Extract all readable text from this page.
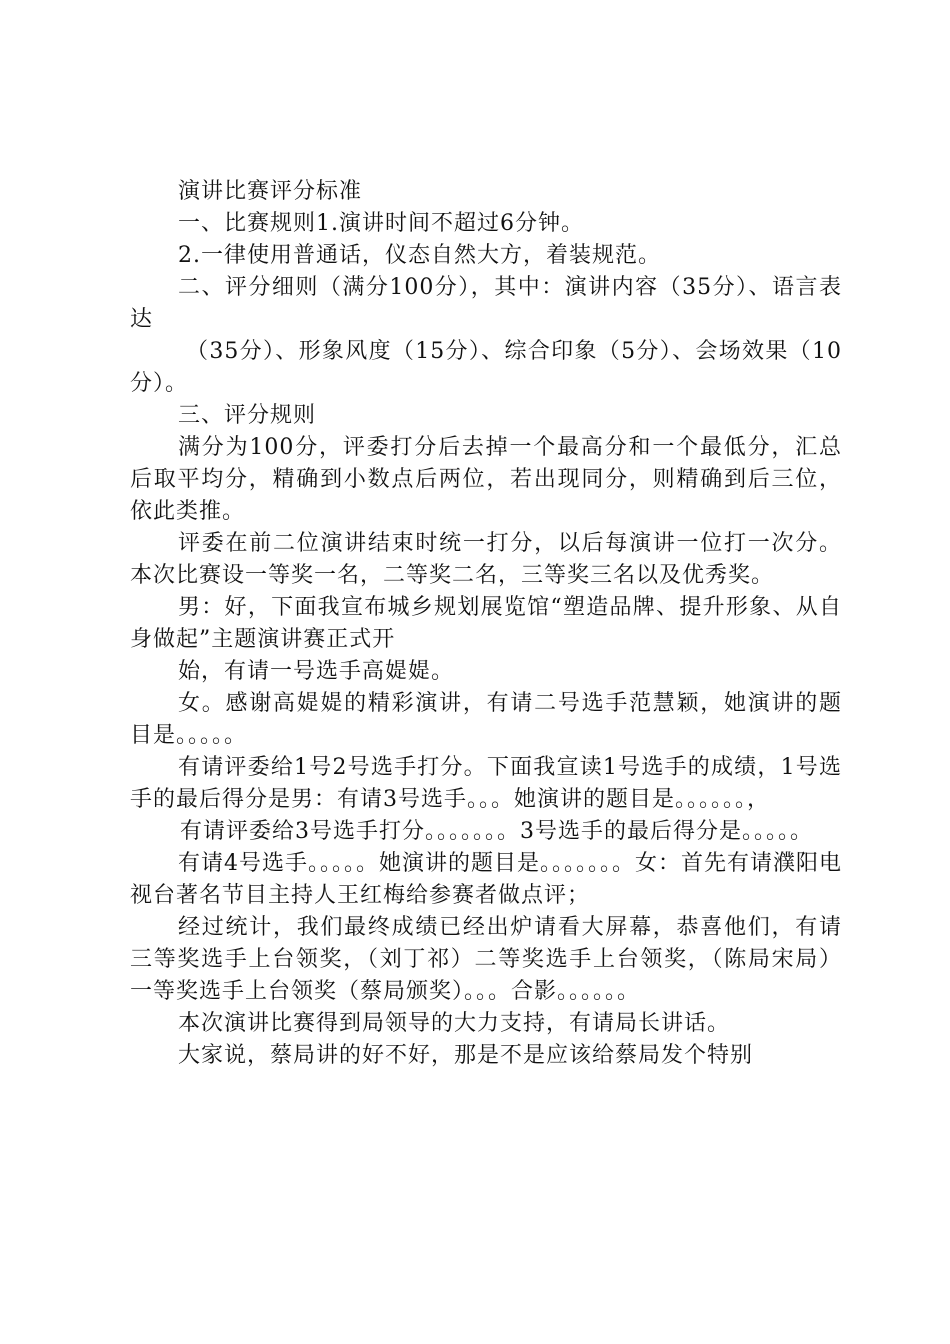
演讲比赛评分标准

一、比赛规则1.演讲时间不超过6分钟。

2.一律使用普通话，仪态自然大方，着装规范。

二、评分细则（满分100分），其中：演讲内容（35分）、语言表达

（35分）、形象风度（15分）、综合印象（5分）、会场效果（10分）。

三、评分规则

满分为100分，评委打分后去掉一个最高分和一个最低分，汇总后取平均分，精确到小数点后两位，若出现同分，则精确到后三位，依此类推。

评委在前二位演讲结束时统一打分，以后每演讲一位打一次分。本次比赛设一等奖一名，二等奖二名，三等奖三名以及优秀奖。

男：好，下面我宣布城乡规划展览馆“塑造品牌、提升形象、从自身做起”主题演讲赛正式开

始，有请一号选手高媞媞。

女。感谢高媞媞的精彩演讲，有请二号选手范慧颖，她演讲的题目是。。。。。

有请评委给1号2号选手打分。下面我宣读1号选手的成绩，1号选手的最后得分是男：有请3号选手。。。她演讲的题目是。。。。。。，

有请评委给3号选手打分。。。。。。。3号选手的最后得分是。。。。。

有请4号选手。。。。。她演讲的题目是。。。。。。。女：首先有请濮阳电视台著名节目主持人王红梅给参赛者做点评；

经过统计，我们最终成绩已经出炉请看大屏幕，恭喜他们，有请三等奖选手上台领奖，（刘丁祁）二等奖选手上台领奖，（陈局宋局）一等奖选手上台领奖（蔡局颁奖）。。。合影。。。。。。

本次演讲比赛得到局领导的大力支持，有请局长讲话。

大家说，蔡局讲的好不好，那是不是应该给蔡局发个特别
